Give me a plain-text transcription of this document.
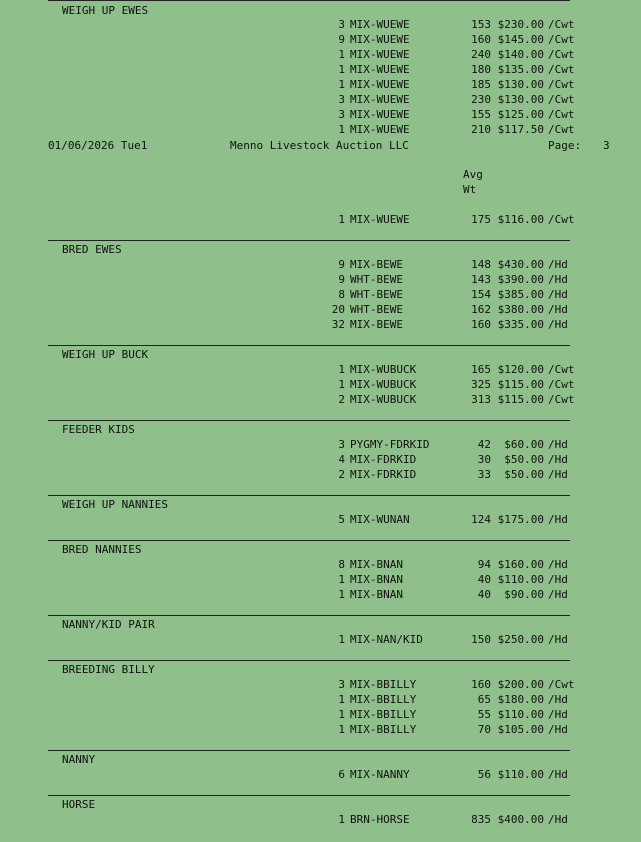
WEIGH UP EWES
3 MIX-WUEWE	153 $230.00 /Cwt
9 MIX-WUEWE	160 $145.00 /Cwt
1 MIX-WUEWE	240 $140.00 /Cwt
1 MIX-WUEWE	180 $135.00 /Cwt
1 MIX-WUEWE	185 $130.00 /Cwt
3 MIX-WUEWE	230 $130.00 /Cwt
3 MIX-WUEWE	155 $125.00 /Cwt
1 MIX-WUEWE	210 $117.50 /Cwt
01/06/2026 Tue1	Menno Livestock Auction LLC	Page: 3
Avg
Wt
1 MIX-WUEWE	175 $116.00 /Cwt
BRED EWES
9 MIX-BEWE	148 $430.00 /Hd
9 WHT-BEWE	143 $390.00 /Hd
8 WHT-BEWE	154 $385.00 /Hd
20 WHT-BEWE	162 $380.00 /Hd
32 MIX-BEWE	160 $335.00 /Hd
WEIGH UP BUCK
1 MIX-WUBUCK	165 $120.00 /Cwt
1 MIX-WUBUCK	325 $115.00 /Cwt
2 MIX-WUBUCK	313 $115.00 /Cwt
FEEDER KIDS
3 PYGMY-FDRKID	42 $60.00 /Hd
4 MIX-FDRKID	30 $50.00 /Hd
2 MIX-FDRKID	33 $50.00 /Hd
WEIGH UP NANNIES
5 MIX-WUNAN	124 $175.00 /Hd
BRED NANNIES
8 MIX-BNAN	94 $160.00 /Hd
1 MIX-BNAN	40 $110.00 /Hd
1 MIX-BNAN	40 $90.00 /Hd
NANNY/KID PAIR
1 MIX-NAN/KID	150 $250.00 /Hd
BREEDING BILLY
3 MIX-BBILLY	160 $200.00 /Cwt
1 MIX-BBILLY	65 $180.00 /Hd
1 MIX-BBILLY	55 $110.00 /Hd
1 MIX-BBILLY	70 $105.00 /Hd
NANNY
6 MIX-NANNY	56 $110.00 /Hd
HORSE
1 BRN-HORSE	835 $400.00 /Hd
